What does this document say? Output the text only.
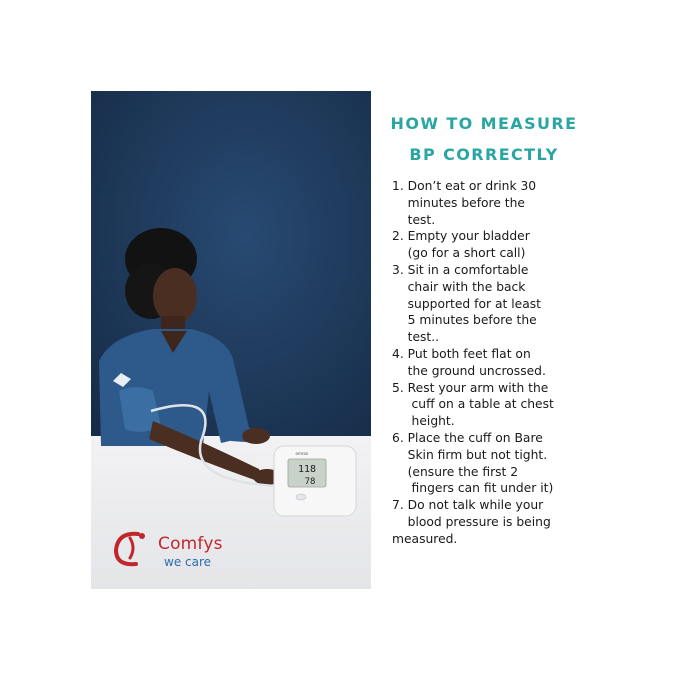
118
78
omron
Comfys
we care
HOW TO MEASURE
BP CORRECTLY
1. Don’t eat or drink 30
minutes before the
test.
2. Empty your bladder
(go for a short call)
3. Sit in a comfortable
chair with the back
supported for at least
5 minutes before the
test..
4. Put both feet flat on
the ground uncrossed.
5. Rest your arm with the
cuff on a table at chest
height.
6. Place the cuff on Bare
Skin firm but not tight.
(ensure the first 2
fingers can fit under it)
7. Do not talk while your
blood pressure is being
measured.
